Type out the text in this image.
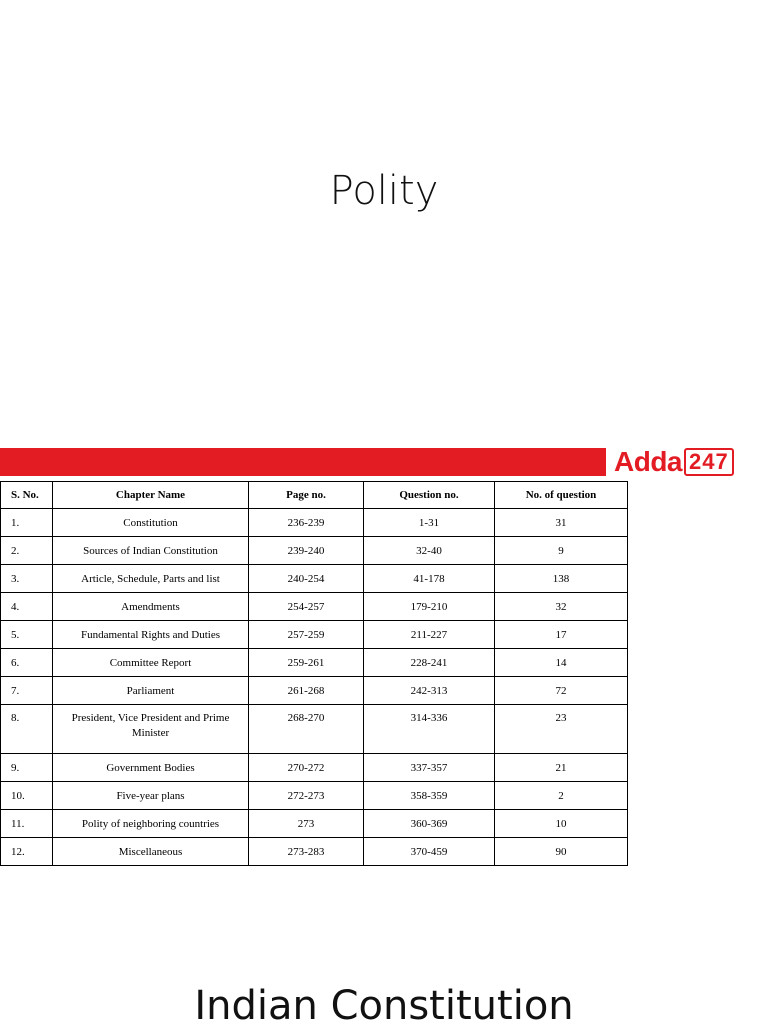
Polity
Adda 247
S. No.	Chapter Name	Page no.	Question no.	No. of question
1.	Constitution	236-239	1-31	31
2.	Sources of Indian Constitution	239-240	32-40	9
3.	Article, Schedule, Parts and list	240-254	41-178	138
4.	Amendments	254-257	179-210	32
5.	Fundamental Rights and Duties	257-259	211-227	17
6.	Committee Report	259-261	228-241	14
7.	Parliament	261-268	242-313	72
8.	President, Vice President and Prime Minister	268-270	314-336	23
9.	Government Bodies	270-272	337-357	21
10.	Five-year plans	272-273	358-359	2
11.	Polity of neighboring countries	273	360-369	10
12.	Miscellaneous	273-283	370-459	90
Indian Constitution
